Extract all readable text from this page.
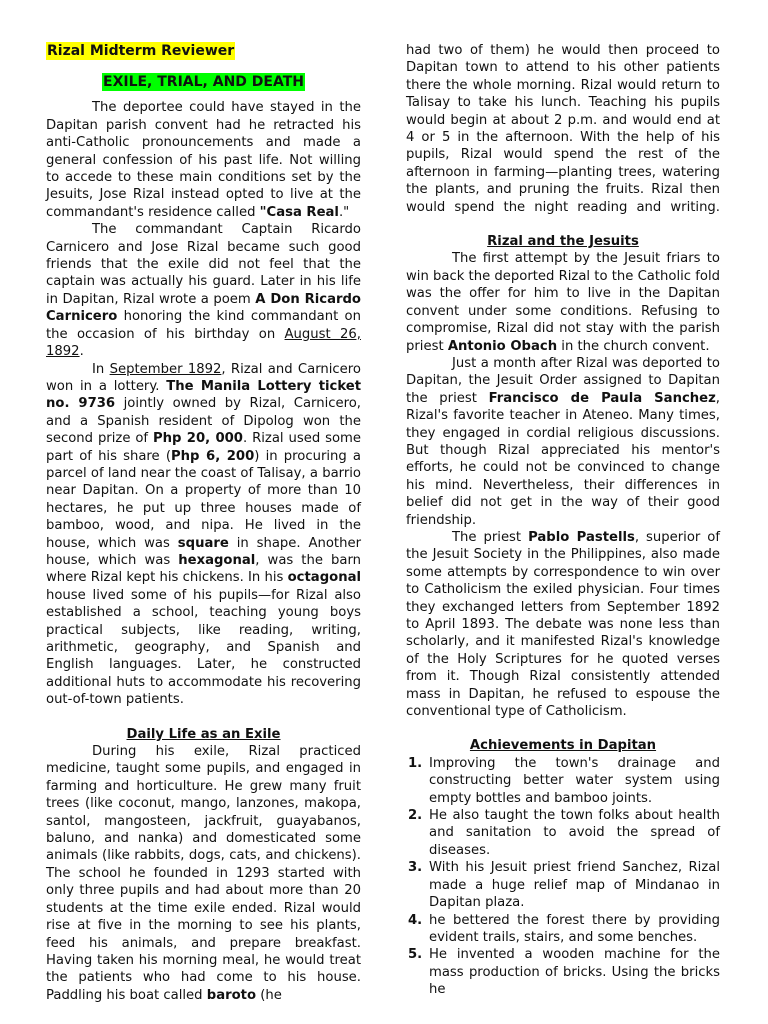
Rizal Midterm Reviewer
EXILE, TRIAL, AND DEATH

The deportee could have stayed in the Dapitan parish convent had he retracted his anti-Catholic pronouncements and made a general confession of his past life. Not willing to accede to these main conditions set by the Jesuits, Jose Rizal instead opted to live at the commandant's residence called "Casa Real."

The commandant Captain Ricardo Carnicero and Jose Rizal became such good friends that the exile did not feel that the captain was actually his guard. Later in his life in Dapitan, Rizal wrote a poem A Don Ricardo Carnicero honoring the kind commandant on the occasion of his birthday on August 26, 1892.

In September 1892, Rizal and Carnicero won in a lottery. The Manila Lottery ticket no. 9736 jointly owned by Rizal, Carnicero, and a Spanish resident of Dipolog won the second prize of Php 20, 000. Rizal used some part of his share (Php 6, 200) in procuring a parcel of land near the coast of Talisay, a barrio near Dapitan. On a property of more than 10 hectares, he put up three houses made of bamboo, wood, and nipa. He lived in the house, which was square in shape. Another house, which was hexagonal, was the barn where Rizal kept his chickens. In his octagonal house lived some of his pupils—for Rizal also established a school, teaching young boys practical subjects, like reading, writing, arithmetic, geography, and Spanish and English languages. Later, he constructed additional huts to accommodate his recovering out-of-town patients.

Daily Life as an Exile

During his exile, Rizal practiced medicine, taught some pupils, and engaged in farming and horticulture. He grew many fruit trees (like coconut, mango, lanzones, makopa, santol, mangosteen, jackfruit, guayabanos, baluno, and nanka) and domesticated some animals (like rabbits, dogs, cats, and chickens). The school he founded in 1293 started with only three pupils and had about more than 20 students at the time exile ended. Rizal would rise at five in the morning to see his plants, feed his animals, and prepare breakfast. Having taken his morning meal, he would treat the patients who had come to his house. Paddling his boat called baroto (he

had two of them) he would then proceed to Dapitan town to attend to his other patients there the whole morning. Rizal would return to Talisay to take his lunch. Teaching his pupils would begin at about 2 p.m. and would end at 4 or 5 in the afternoon. With the help of his pupils, Rizal would spend the rest of the afternoon in farming—planting trees, watering the plants, and pruning the fruits. Rizal then would spend the night reading and writing.

Rizal and the Jesuits

The first attempt by the Jesuit friars to win back the deported Rizal to the Catholic fold was the offer for him to live in the Dapitan convent under some conditions. Refusing to compromise, Rizal did not stay with the parish priest Antonio Obach in the church convent.

Just a month after Rizal was deported to Dapitan, the Jesuit Order assigned to Dapitan the priest Francisco de Paula Sanchez, Rizal's favorite teacher in Ateneo. Many times, they engaged in cordial religious discussions. But though Rizal appreciated his mentor's efforts, he could not be convinced to change his mind. Nevertheless, their differences in belief did not get in the way of their good friendship.

The priest Pablo Pastells, superior of the Jesuit Society in the Philippines, also made some attempts by correspondence to win over to Catholicism the exiled physician. Four times they exchanged letters from September 1892 to April 1893. The debate was none less than scholarly, and it manifested Rizal's knowledge of the Holy Scriptures for he quoted verses from it. Though Rizal consistently attended mass in Dapitan, he refused to espouse the conventional type of Catholicism.

Achievements in Dapitan
1. Improving the town's drainage and constructing better water system using empty bottles and bamboo joints.
2. He also taught the town folks about health and sanitation to avoid the spread of diseases.
3. With his Jesuit priest friend Sanchez, Rizal made a huge relief map of Mindanao in Dapitan plaza.
4. he bettered the forest there by providing evident trails, stairs, and some benches.
5. He invented a wooden machine for the mass production of bricks. Using the bricks he
